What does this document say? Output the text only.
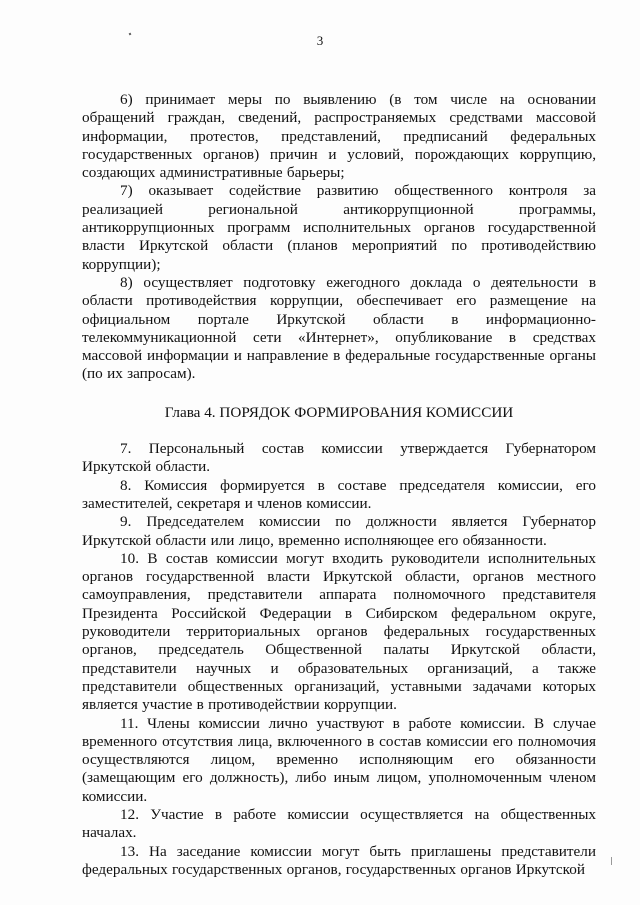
3

6) принимает меры по выявлению (в том числе на основании обращений граждан, сведений, распространяемых средствами массовой информации, протестов, представлений, предписаний федеральных государственных органов) причин и условий, порождающих коррупцию, создающих административные барьеры;

7) оказывает содействие развитию общественного контроля за реализацией региональной антикоррупционной программы, антикоррупционных программ исполнительных органов государственной власти Иркутской области (планов мероприятий по противодействию коррупции);

8) осуществляет подготовку ежегодного доклада о деятельности в области противодействия коррупции, обеспечивает его размещение на официальном портале Иркутской области в информационно-телекоммуникационной сети «Интернет», опубликование в средствах массовой информации и направление в федеральные государственные органы (по их запросам).

Глава 4. ПОРЯДОК ФОРМИРОВАНИЯ КОМИССИИ

7. Персональный состав комиссии утверждается Губернатором Иркутской области.

8. Комиссия формируется в составе председателя комиссии, его заместителей, секретаря и членов комиссии.

9. Председателем комиссии по должности является Губернатор Иркутской области или лицо, временно исполняющее его обязанности.

10. В состав комиссии могут входить руководители исполнительных органов государственной власти Иркутской области, органов местного самоуправления, представители аппарата полномочного представителя Президента Российской Федерации в Сибирском федеральном округе, руководители территориальных органов федеральных государственных органов, председатель Общественной палаты Иркутской области, представители научных и образовательных организаций, а также представители общественных организаций, уставными задачами которых является участие в противодействии коррупции.

11. Члены комиссии лично участвуют в работе комиссии. В случае временного отсутствия лица, включенного в состав комиссии его полномочия осуществляются лицом, временно исполняющим его обязанности (замещающим его должность), либо иным лицом, уполномоченным членом комиссии.

12. Участие в работе комиссии осуществляется на общественных началах.

13. На заседание комиссии могут быть приглашены представители федеральных государственных органов, государственных органов Иркутской
